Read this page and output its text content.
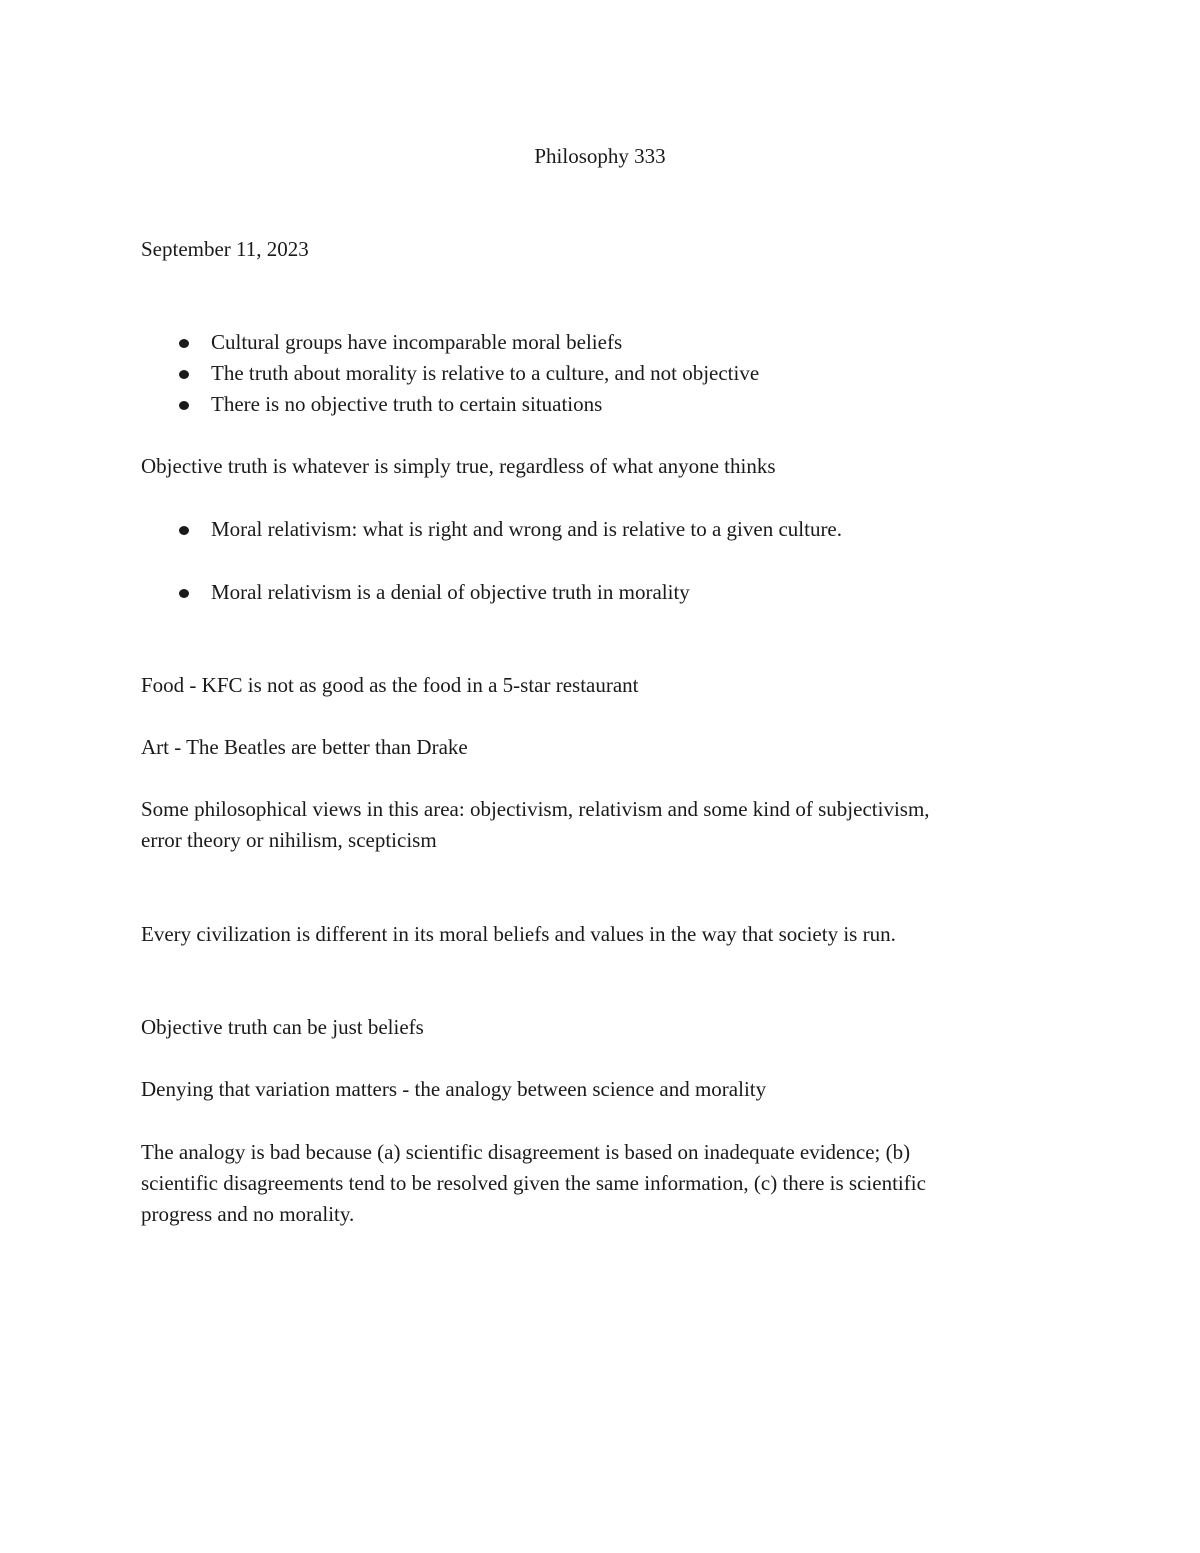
Philosophy 333
September 11, 2023
Cultural groups have incomparable moral beliefs
The truth about morality is relative to a culture, and not objective
There is no objective truth to certain situations
Objective truth is whatever is simply true, regardless of what anyone thinks
Moral relativism: what is right and wrong and is relative to a given culture.
Moral relativism is a denial of objective truth in morality
Food - KFC is not as good as the food in a 5-star restaurant
Art - The Beatles are better than Drake
Some philosophical views in this area: objectivism, relativism and some kind of subjectivism,
error theory or nihilism, scepticism
Every civilization is different in its moral beliefs and values in the way that society is run.
Objective truth can be just beliefs
Denying that variation matters - the analogy between science and morality
The analogy is bad because (a) scientific disagreement is based on inadequate evidence; (b)
scientific disagreements tend to be resolved given the same information, (c) there is scientific
progress and no morality.
